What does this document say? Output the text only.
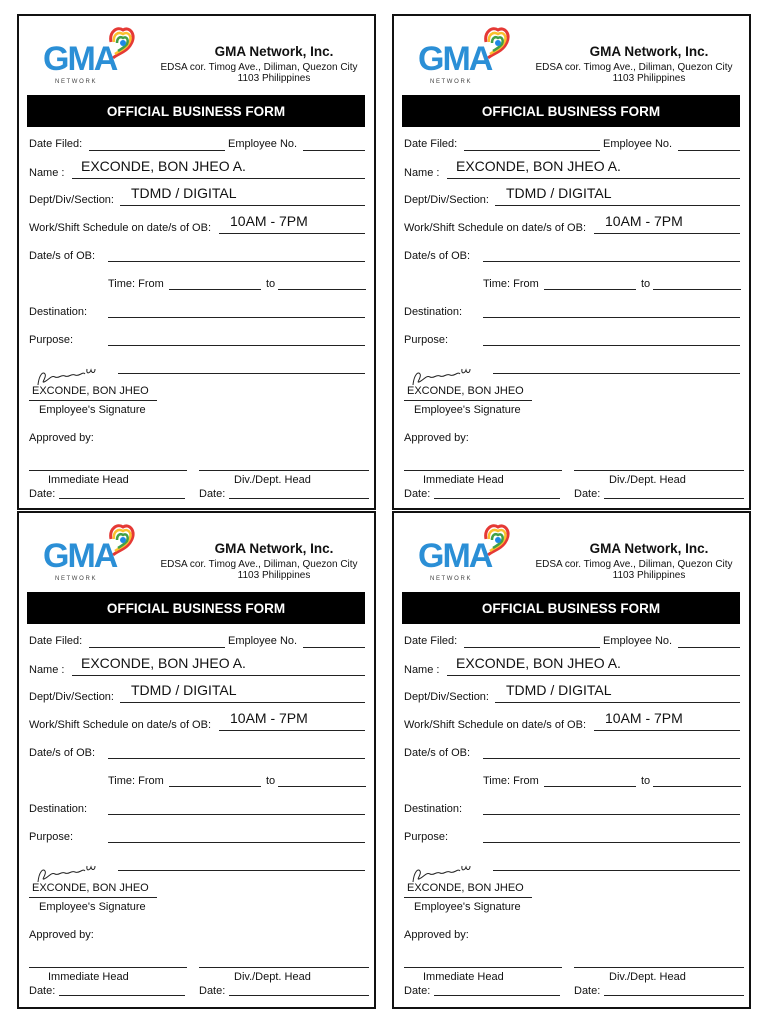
GMA
N E T W O R K
GMA Network, Inc.
EDSA cor. Timog Ave., Diliman, Quezon City
1103 Philippines
OFFICIAL BUSINESS FORM
Date Filed:	Employee No.
Name : EXCONDE, BON JHEO A.
Dept/Div/Section: TDMD / DIGITAL
Work/Shift Schedule on date/s of OB: 10AM - 7PM
Date/s of OB:
Time: From	to
Destination:
Purpose:
EXCONDE, BON JHEO
Employee's Signature
Approved by:
Immediate Head	Div./Dept. Head
Date:	Date:
GMA
N E T W O R K
GMA Network, Inc.
EDSA cor. Timog Ave., Diliman, Quezon City
1103 Philippines
OFFICIAL BUSINESS FORM
Date Filed:	Employee No.
Name : EXCONDE, BON JHEO A.
Dept/Div/Section: TDMD / DIGITAL
Work/Shift Schedule on date/s of OB: 10AM - 7PM
Date/s of OB:
Time: From	to
Destination:
Purpose:
EXCONDE, BON JHEO
Employee's Signature
Approved by:
Immediate Head	Div./Dept. Head
Date:	Date:
GMA
N E T W O R K
GMA Network, Inc.
EDSA cor. Timog Ave., Diliman, Quezon City
1103 Philippines
OFFICIAL BUSINESS FORM
Date Filed:	Employee No.
Name : EXCONDE, BON JHEO A.
Dept/Div/Section: TDMD / DIGITAL
Work/Shift Schedule on date/s of OB: 10AM - 7PM
Date/s of OB:
Time: From	to
Destination:
Purpose:
EXCONDE, BON JHEO
Employee's Signature
Approved by:
Immediate Head	Div./Dept. Head
Date:	Date:
GMA
N E T W O R K
GMA Network, Inc.
EDSA cor. Timog Ave., Diliman, Quezon City
1103 Philippines
OFFICIAL BUSINESS FORM
Date Filed:	Employee No.
Name : EXCONDE, BON JHEO A.
Dept/Div/Section: TDMD / DIGITAL
Work/Shift Schedule on date/s of OB: 10AM - 7PM
Date/s of OB:
Time: From	to
Destination:
Purpose:
EXCONDE, BON JHEO
Employee's Signature
Approved by:
Immediate Head	Div./Dept. Head
Date:	Date:
